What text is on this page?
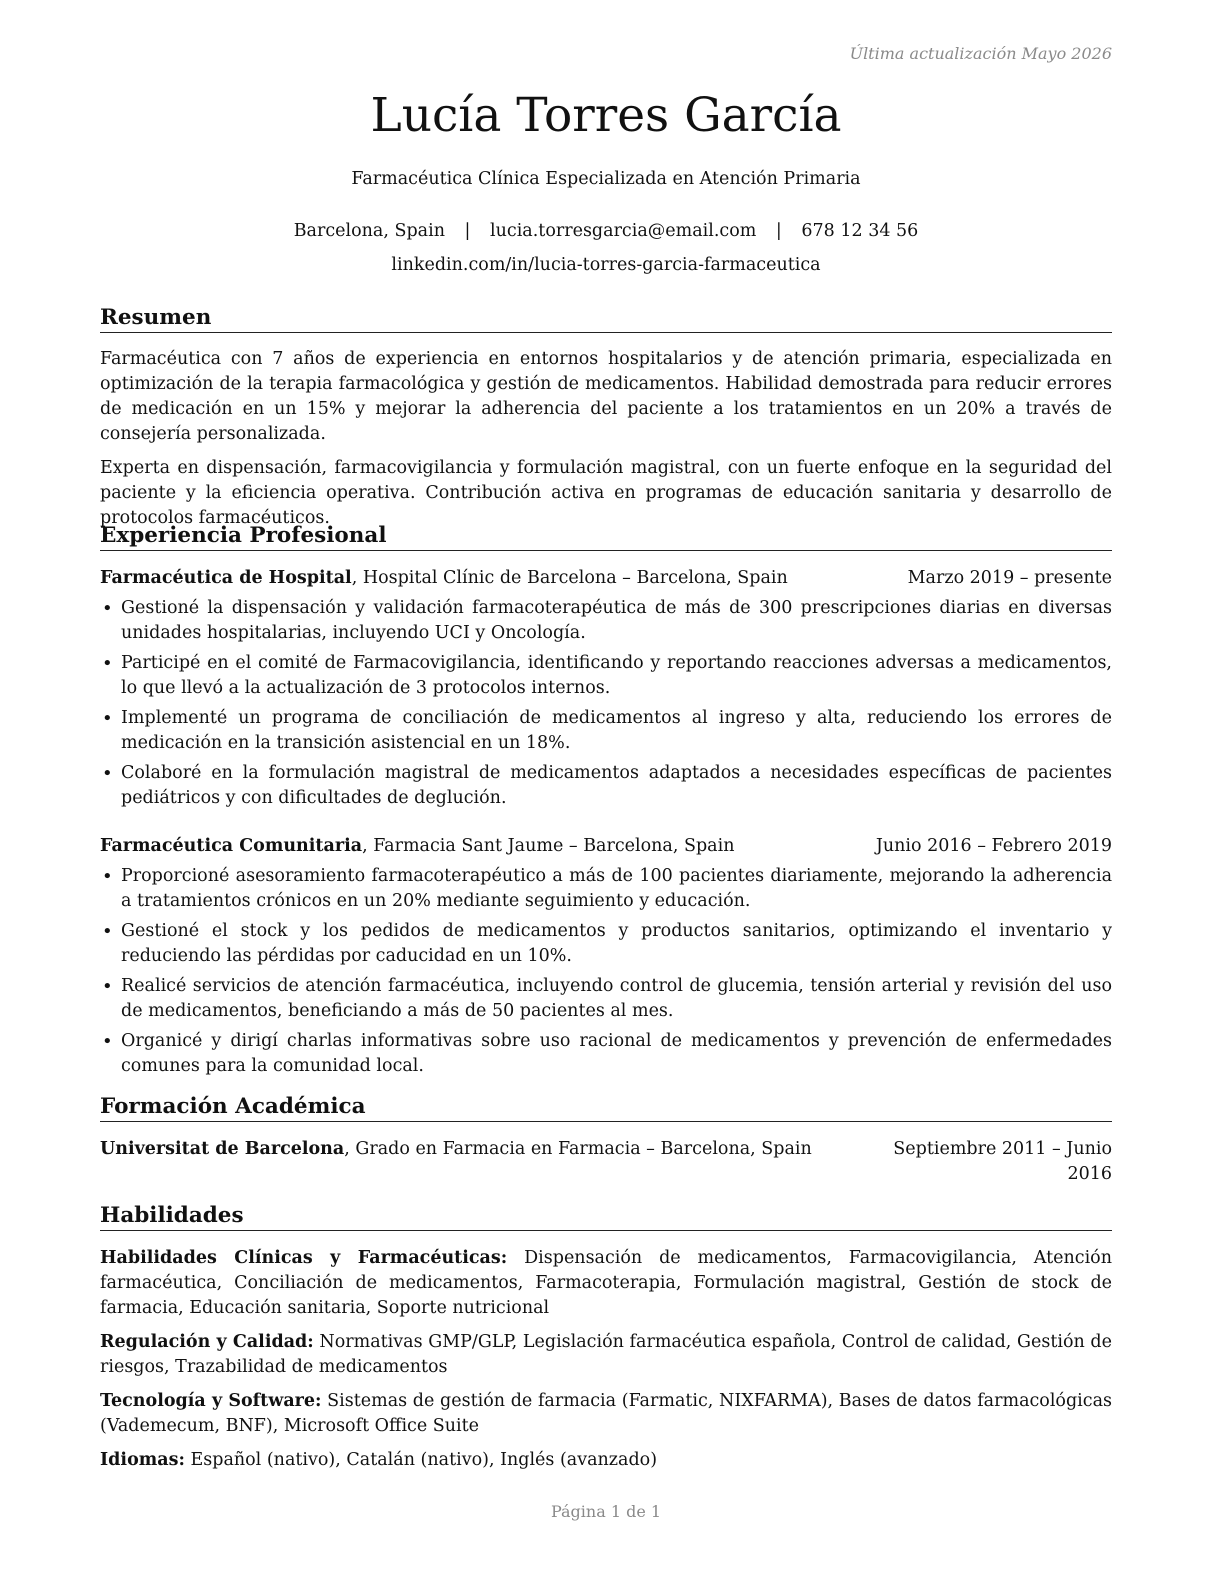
Última actualización Mayo 2026
Lucía Torres García
Farmacéutica Clínica Especializada en Atención Primaria
Barcelona, Spain | lucia.torresgarcia@email.com | 678 12 34 56
linkedin.com/in/lucia-torres-garcia-farmaceutica
Resumen

Farmacéutica con 7 años de experiencia en entornos hospitalarios y de atención primaria, especializada en optimización de la terapia farmacológica y gestión de medicamentos. Habilidad demostrada para reducir errores de medicación en un 15% y mejorar la adherencia del paciente a los tratamientos en un 20% a través de consejería personalizada.

Experta en dispensación, farmacovigilancia y formulación magistral, con un fuerte enfoque en la seguridad del paciente y la eficiencia operativa. Contribución activa en programas de educación sanitaria y desarrollo de protocolos farmacéuticos.

Experiencia Profesional
Farmacéutica de Hospital, Hospital Clínic de Barcelona – Barcelona, Spain	Marzo 2019 – presente
• Gestioné la dispensación y validación farmacoterapéutica de más de 300 prescripciones diarias en diversas unidades hospitalarias, incluyendo UCI y Oncología.
• Participé en el comité de Farmacovigilancia, identificando y reportando reacciones adversas a medicamentos, lo que llevó a la actualización de 3 protocolos internos.
• Implementé un programa de conciliación de medicamentos al ingreso y alta, reduciendo los errores de medicación en la transición asistencial en un 18%.
• Colaboré en la formulación magistral de medicamentos adaptados a necesidades específicas de pacientes pediátricos y con dificultades de deglución.
Farmacéutica Comunitaria, Farmacia Sant Jaume – Barcelona, Spain	Junio 2016 – Febrero 2019
• Proporcioné asesoramiento farmacoterapéutico a más de 100 pacientes diariamente, mejorando la adherencia a tratamientos crónicos en un 20% mediante seguimiento y educación.
• Gestioné el stock y los pedidos de medicamentos y productos sanitarios, optimizando el inventario y reduciendo las pérdidas por caducidad en un 10%.
• Realicé servicios de atención farmacéutica, incluyendo control de glucemia, tensión arterial y revisión del uso de medicamentos, beneficiando a más de 50 pacientes al mes.
• Organicé y dirigí charlas informativas sobre uso racional de medicamentos y prevención de enfermedades comunes para la comunidad local.
Formación Académica
Universitat de Barcelona, Grado en Farmacia en Farmacia – Barcelona, Spain	Septiembre 2011 – Junio 2016
Habilidades

Habilidades Clínicas y Farmacéuticas: Dispensación de medicamentos, Farmacovigilancia, Atención farmacéutica, Conciliación de medicamentos, Farmacoterapia, Formulación magistral, Gestión de stock de farmacia, Educación sanitaria, Soporte nutricional

Regulación y Calidad: Normativas GMP/GLP, Legislación farmacéutica española, Control de calidad, Gestión de riesgos, Trazabilidad de medicamentos

Tecnología y Software: Sistemas de gestión de farmacia (Farmatic, NIXFARMA), Bases de datos farmacológicas (Vademecum, BNF), Microsoft Office Suite

Idiomas: Español (nativo), Catalán (nativo), Inglés (avanzado)

Página 1 de 1
